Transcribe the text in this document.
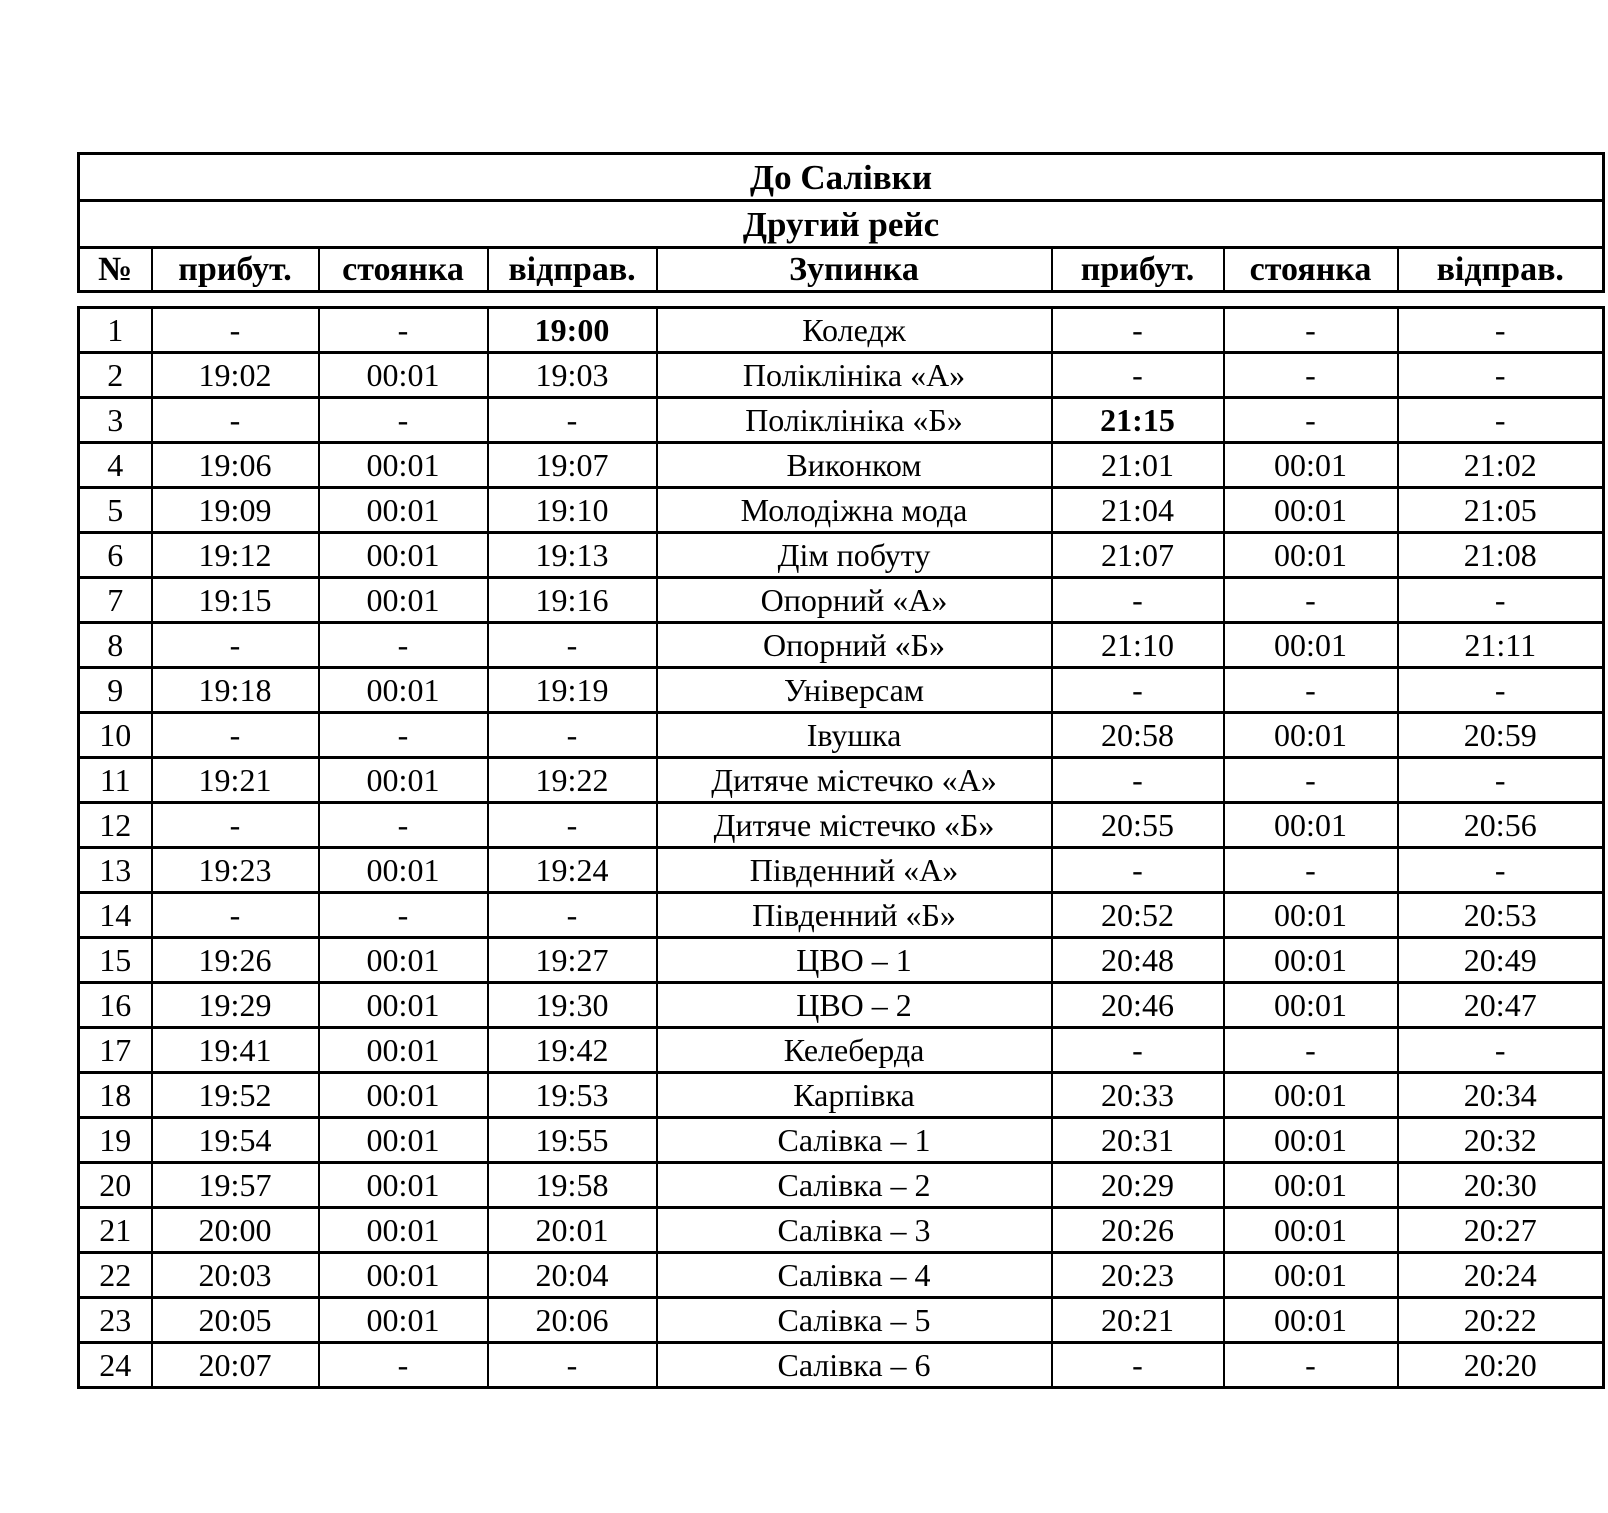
До Салівки
Другий рейс
№	прибут.	стоянка	відправ.	Зупинка	прибут.	стоянка	відправ.
1	-	-	19:00	Коледж	-	-	-
2	19:02	00:01	19:03	Поліклініка «А»	-	-	-
3	-	-	-	Поліклініка «Б»	21:15	-	-
4	19:06	00:01	19:07	Виконком	21:01	00:01	21:02
5	19:09	00:01	19:10	Молодіжна мода	21:04	00:01	21:05
6	19:12	00:01	19:13	Дім побуту	21:07	00:01	21:08
7	19:15	00:01	19:16	Опорний «А»	-	-	-
8	-	-	-	Опорний «Б»	21:10	00:01	21:11
9	19:18	00:01	19:19	Універсам	-	-	-
10	-	-	-	Івушка	20:58	00:01	20:59
11	19:21	00:01	19:22	Дитяче містечко «А»	-	-	-
12	-	-	-	Дитяче містечко «Б»	20:55	00:01	20:56
13	19:23	00:01	19:24	Південний «А»	-	-	-
14	-	-	-	Південний «Б»	20:52	00:01	20:53
15	19:26	00:01	19:27	ЦВО – 1	20:48	00:01	20:49
16	19:29	00:01	19:30	ЦВО – 2	20:46	00:01	20:47
17	19:41	00:01	19:42	Келеберда	-	-	-
18	19:52	00:01	19:53	Карпівка	20:33	00:01	20:34
19	19:54	00:01	19:55	Салівка – 1	20:31	00:01	20:32
20	19:57	00:01	19:58	Салівка – 2	20:29	00:01	20:30
21	20:00	00:01	20:01	Салівка – 3	20:26	00:01	20:27
22	20:03	00:01	20:04	Салівка – 4	20:23	00:01	20:24
23	20:05	00:01	20:06	Салівка – 5	20:21	00:01	20:22
24	20:07	-	-	Салівка – 6	-	-	20:20
